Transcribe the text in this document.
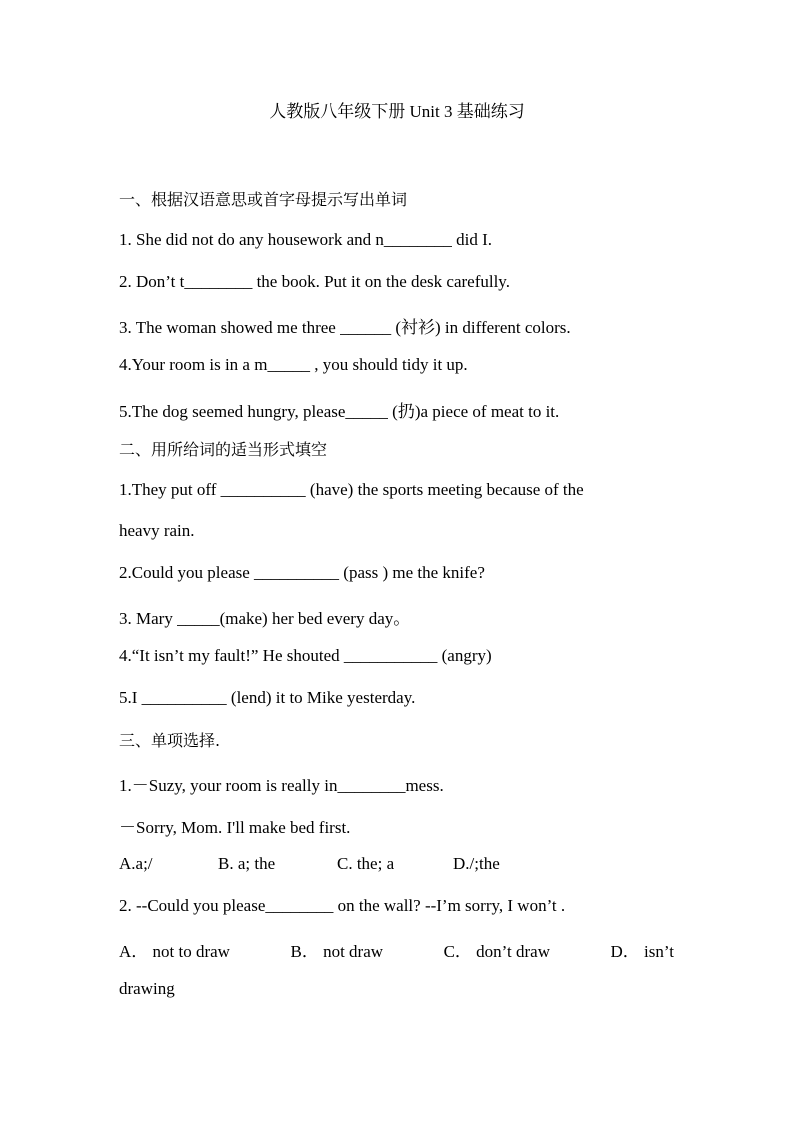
人教版八年级下册 Unit 3 基础练习
一、根据汉语意思或首字母提示写出单词
1. She did not do any housework and n________ did I.
2. Don’t t________ the book. Put it on the desk carefully.
3. The woman showed me three ______ (衬衫) in different colors.
4.Your room is in a m_____ , you should tidy it up.
5.The dog seemed hungry, please_____ (扔)a piece of meat to it.
二、用所给词的适当形式填空
1.They put off __________ (have) the sports meeting because of the
heavy rain.
2.Could you please __________ (pass ) me the knife?
3. Mary _____(make) her bed every day。
4.“It isn’t my fault!” He shouted ___________ (angry)
5.I __________ (lend) it to Mike yesterday.
三、单项选择.
1.－Suzy, your room is really in________mess.
－Sorry, Mom. I'll make bed first.
A.a;/	B. a; the	C. the; a	D./;the
2. --Could you please________ on the wall? --I’m sorry, I won’t .
A． not to draw	B． not draw	C． don’t draw	D． isn’t
drawing
